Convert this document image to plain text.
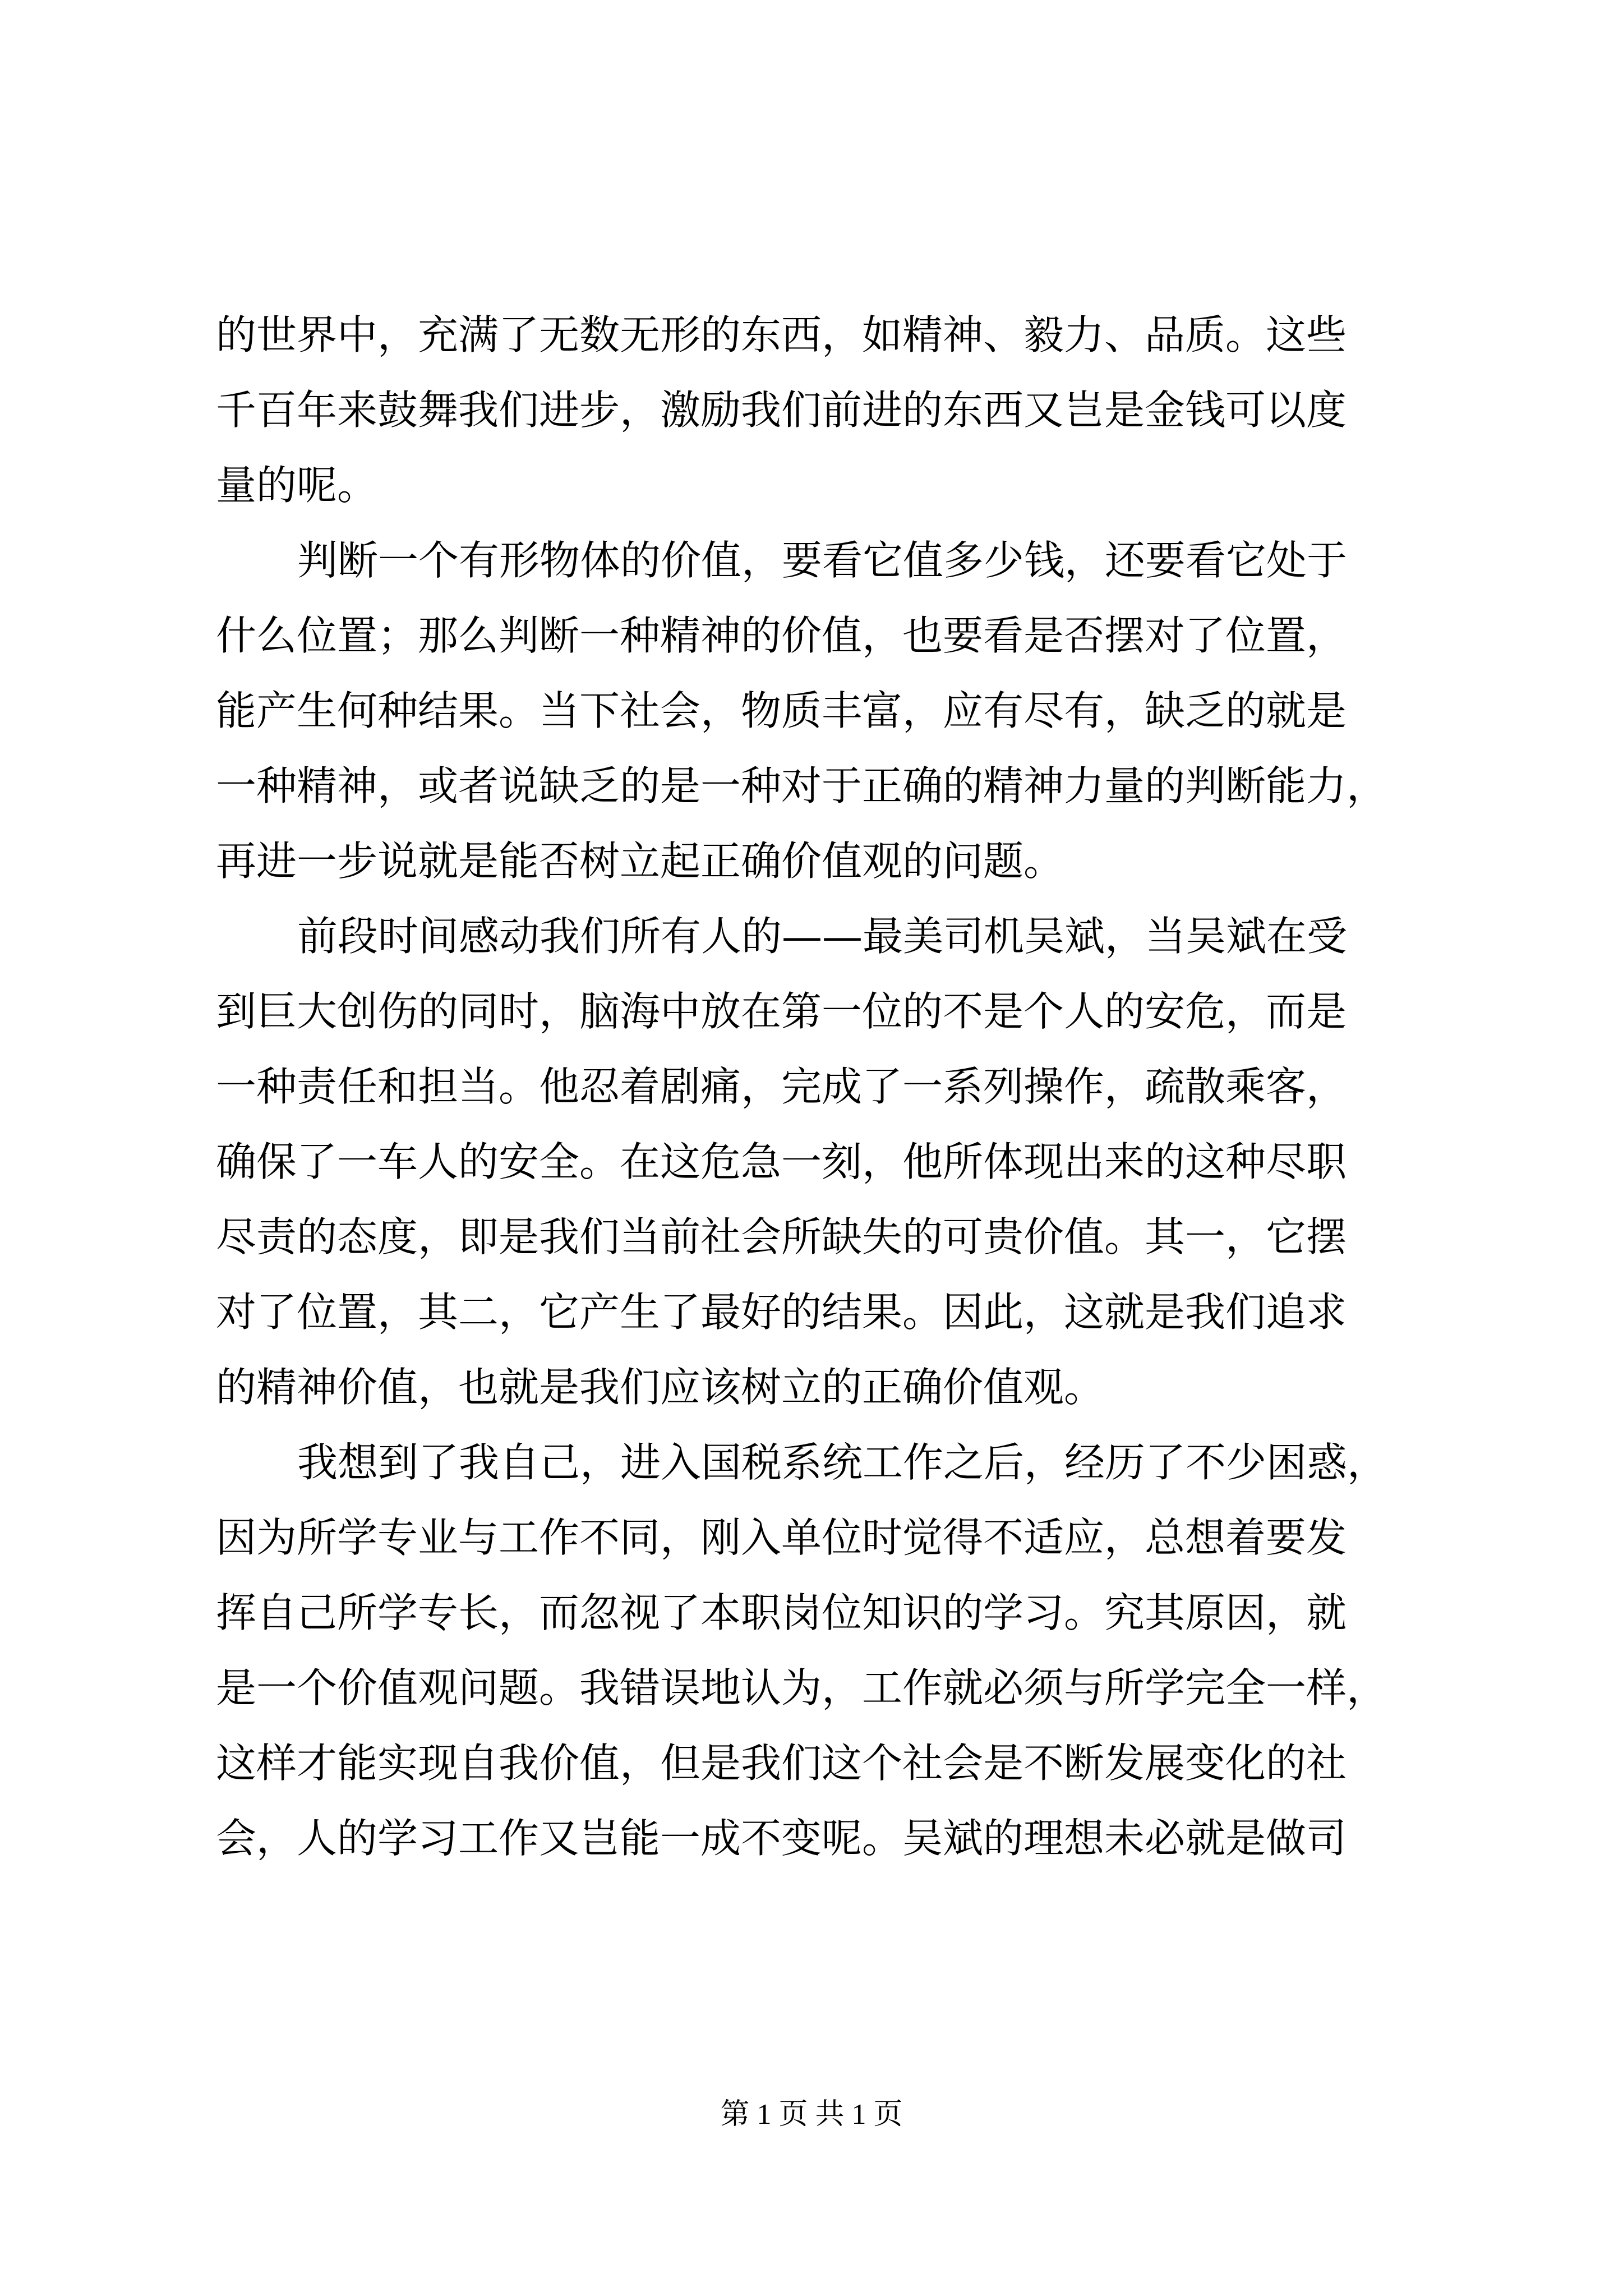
的世界中，充满了无数无形的东西，如精神、毅力、品质。这些
千百年来鼓舞我们进步，激励我们前进的东西又岂是金钱可以度
量的呢。
判断一个有形物体的价值，要看它值多少钱，还要看它处于
什么位置；那么判断一种精神的价值，也要看是否摆对了位置，
能产生何种结果。当下社会，物质丰富，应有尽有，缺乏的就是
一种精神，或者说缺乏的是一种对于正确的精神力量的判断能力，
再进一步说就是能否树立起正确价值观的问题。
前段时间感动我们所有人的——最美司机吴斌，当吴斌在受
到巨大创伤的同时，脑海中放在第一位的不是个人的安危，而是
一种责任和担当。他忍着剧痛，完成了一系列操作，疏散乘客，
确保了一车人的安全。在这危急一刻，他所体现出来的这种尽职
尽责的态度，即是我们当前社会所缺失的可贵价值。其一，它摆
对了位置，其二，它产生了最好的结果。因此，这就是我们追求
的精神价值，也就是我们应该树立的正确价值观。
我想到了我自己，进入国税系统工作之后，经历了不少困惑，
因为所学专业与工作不同，刚入单位时觉得不适应，总想着要发
挥自己所学专长，而忽视了本职岗位知识的学习。究其原因，就
是一个价值观问题。我错误地认为，工作就必须与所学完全一样，
这样才能实现自我价值，但是我们这个社会是不断发展变化的社
会，人的学习工作又岂能一成不变呢。吴斌的理想未必就是做司
第 1 页 共 1 页
